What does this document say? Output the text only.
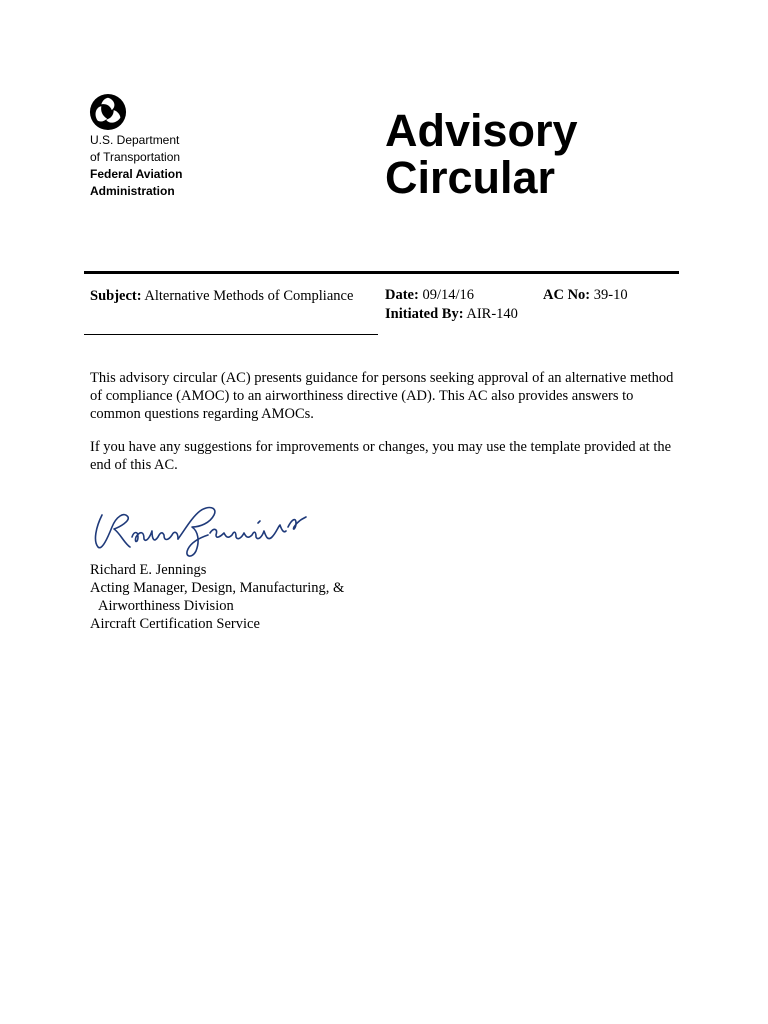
U.S. Department
of Transportation
Federal Aviation
Administration
Advisory
Circular
Subject: Alternative Methods of Compliance Date: 09/14/16	AC No: 39-10
Initiated By: AIR-140

This advisory circular (AC) presents guidance for persons seeking approval of an alternative method of compliance (AMOC) to an airworthiness directive (AD). This AC also provides answers to common questions regarding AMOCs.

If you have any suggestions for improvements or changes, you may use the template provided at the end of this AC.

Richard E. Jennings
Acting Manager, Design, Manufacturing, &
Airworthiness Division
Aircraft Certification Service
